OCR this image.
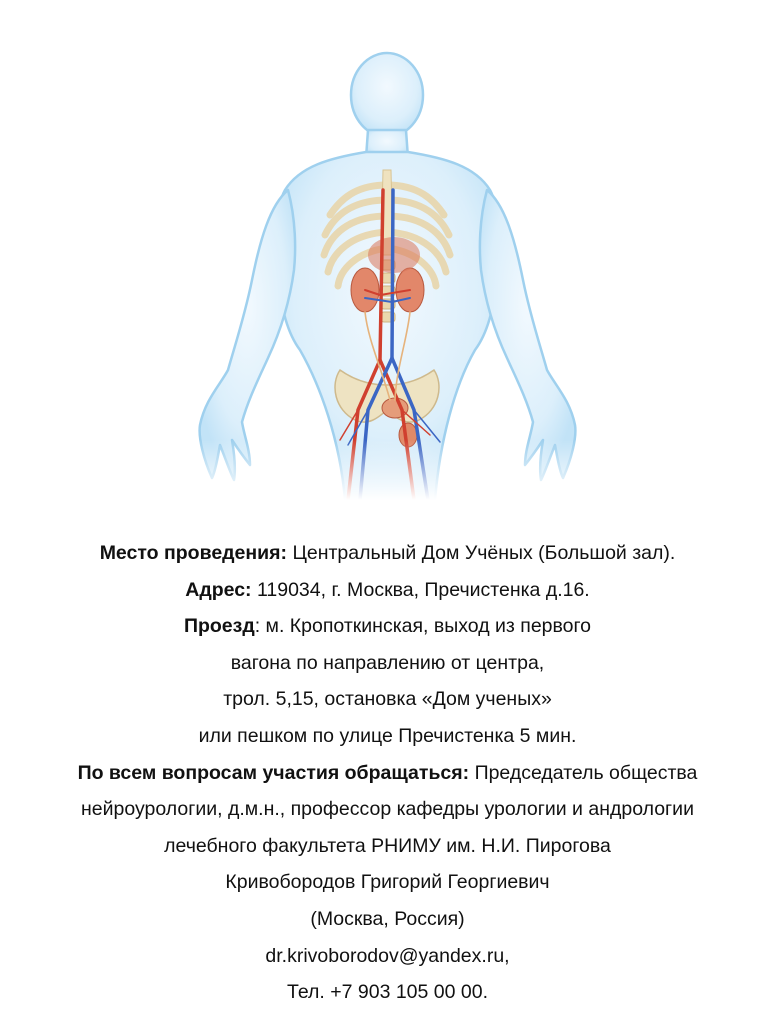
Место проведения: Центральный Дом Учёных (Большой зал).
Адрес: 119034, г. Москва, Пречистенка д.16.
Проезд: м. Кропоткинская, выход из первого
вагона по направлению от центра,
трол. 5,15, остановка «Дом ученых»
или пешком по улице Пречистенка 5 мин.
По всем вопросам участия обращаться: Председатель общества
нейроурологии, д.м.н., профессор кафедры урологии и андрологии
лечебного факультета РНИМУ им. Н.И. Пирогова
Кривобородов Григорий Георгиевич
(Москва, Россия)
dr.krivoborodov@yandex.ru,
Тел. +7 903 105 00 00.
